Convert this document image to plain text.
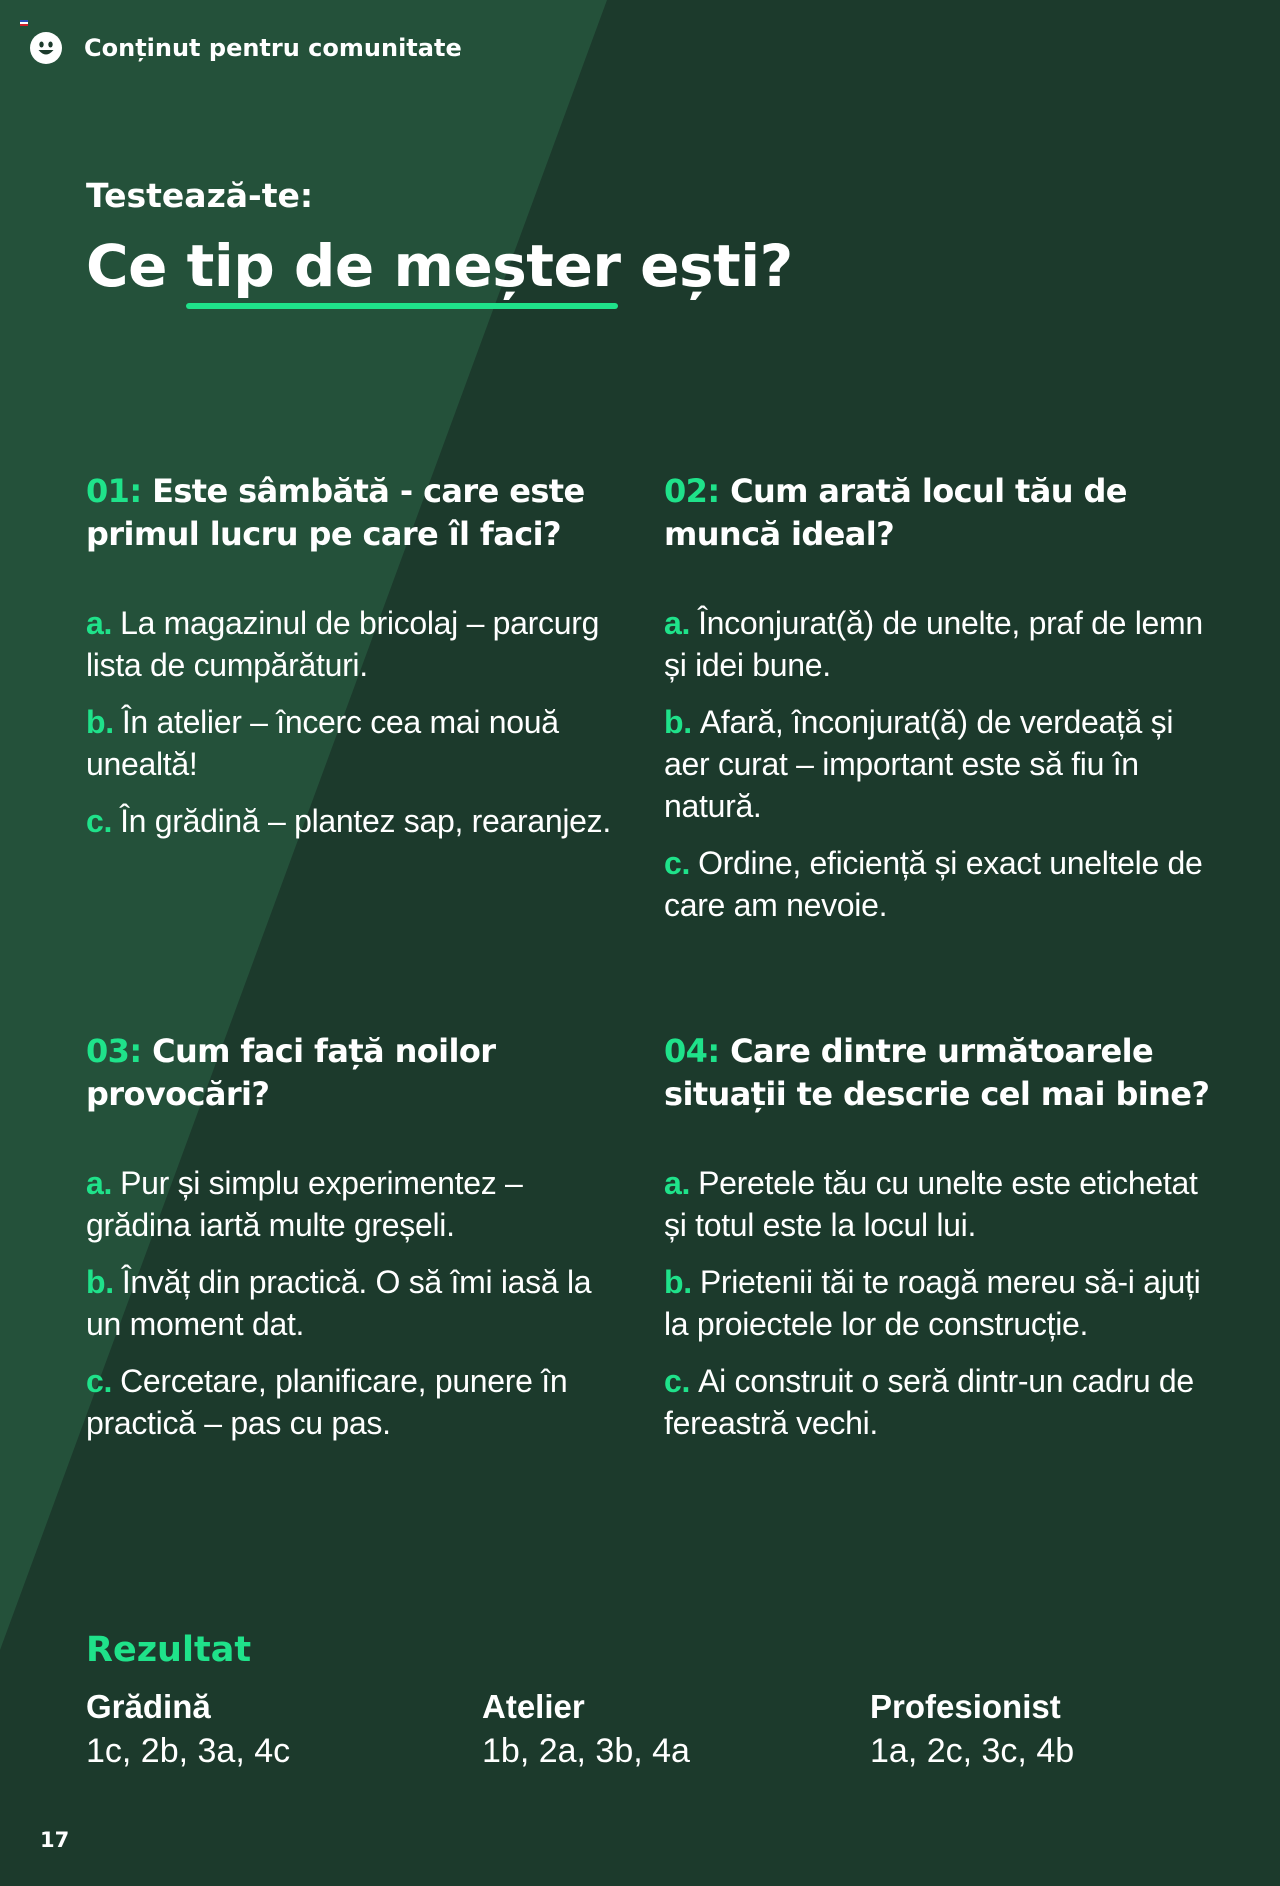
Conținut pentru comunitate
Testează-te:
Ce tip de meșter ești?

01: Este sâmbătă - care este primul lucru pe care îl faci?

a. La magazinul de bricolaj – parcurg lista de cumpărături.

b. În atelier – încerc cea mai nouă unealtă!

c. În grădină – plantez sap, rearanjez.

02: Cum arată locul tău de muncă ideal?

a. Înconjurat(ă) de unelte, praf de lemn și idei bune.

b. Afară, înconjurat(ă) de verdeață și aer curat – important este să fiu în natură.

c. Ordine, eficiență și exact uneltele de care am nevoie.

03: Cum faci față noilor provocări?

a. Pur și simplu experimentez – grădina iartă multe greșeli.

b. Învăț din practică. O să îmi iasă la un moment dat.

c. Cercetare, planificare, punere în practică – pas cu pas.

04: Care dintre următoarele situații te descrie cel mai bine?

a. Peretele tău cu unelte este etichetat și totul este la locul lui.

b. Prietenii tăi te roagă mereu să-i ajuți la proiectele lor de construcție.

c. Ai construit o seră dintr-un cadru de fereastră vechi.

Rezultat
Grădină
1c, 2b, 3a, 4c
Atelier
1b, 2a, 3b, 4a
Profesionist
1a, 2c, 3c, 4b
17
